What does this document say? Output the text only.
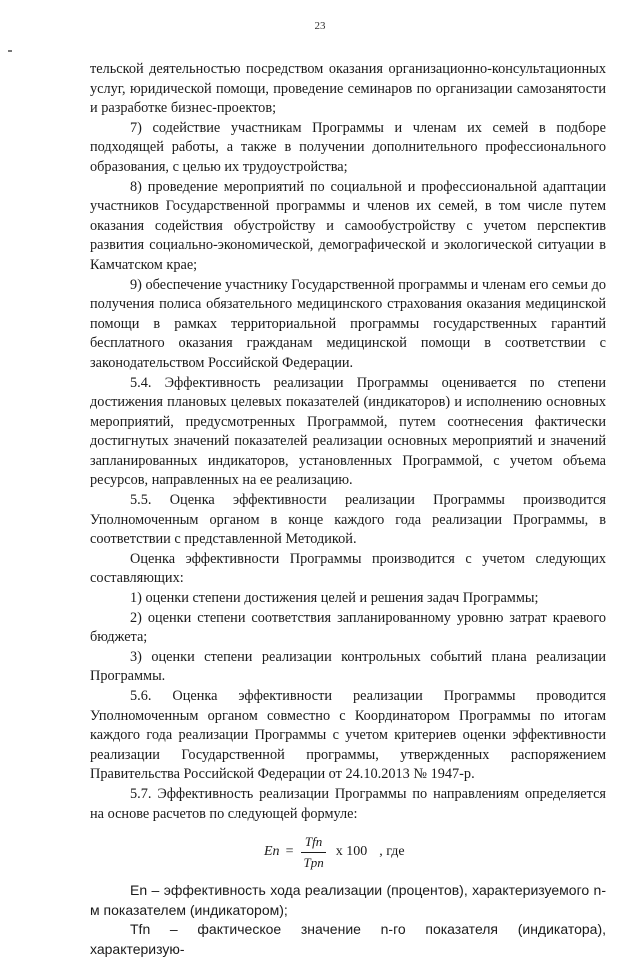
23

тельской деятельностью посредством оказания организационно-консультационных услуг, юридической помощи, проведение семинаров по организации самозанятости и разработке бизнес-проектов;

7) содействие участникам Программы и членам их семей в подборе подходящей работы, а также в получении дополнительного профессионального образования, с целью их трудоустройства;

8) проведение мероприятий по социальной и профессиональной адаптации участников Государственной программы и членов их семей, в том числе путем оказания содействия обустройству и самообустройству с учетом перспектив развития социально-экономической, демографической и экологической ситуации в Камчатском крае;

9) обеспечение участнику Государственной программы и членам его семьи до получения полиса обязательного медицинского страхования оказания медицинской помощи в рамках территориальной программы государственных гарантий бесплатного оказания гражданам медицинской помощи в соответствии с законодательством Российской Федерации.

5.4. Эффективность реализации Программы оценивается по степени достижения плановых целевых показателей (индикаторов) и исполнению основных мероприятий, предусмотренных Программой, путем соотнесения фактически достигнутых значений показателей реализации основных мероприятий и значений запланированных индикаторов, установленных Программой, с учетом объема ресурсов, направленных на ее реализацию.

5.5. Оценка эффективности реализации Программы производится Уполномоченным органом в конце каждого года реализации Программы, в соответствии с представленной Методикой.

Оценка эффективности Программы производится с учетом следующих составляющих:

1) оценки степени достижения целей и решения задач Программы;

2) оценки степени соответствия запланированному уровню затрат краевого бюджета;

3) оценки степени реализации контрольных событий плана реализации Программы.

5.6. Оценка эффективности реализации Программы проводится Уполномоченным органом совместно с Координатором Программы по итогам каждого года реализации Программы с учетом критериев оценки эффективности реализации Государственной программы, утвержденных распоряжением Правительства Российской Федерации от 24.10.2013 № 1947-р.

5.7. Эффективность реализации Программы по направлениям определяется на основе расчетов по следующей формуле:

$En = \frac{\text{Tfn}}{\text{Tpn}}$ x 100 , где

En – эффективность хода реализации (процентов), характеризуемого n-м показателем (индикатором);

Tfn – фактическое значение n-го показателя (индикатора), характеризую-
